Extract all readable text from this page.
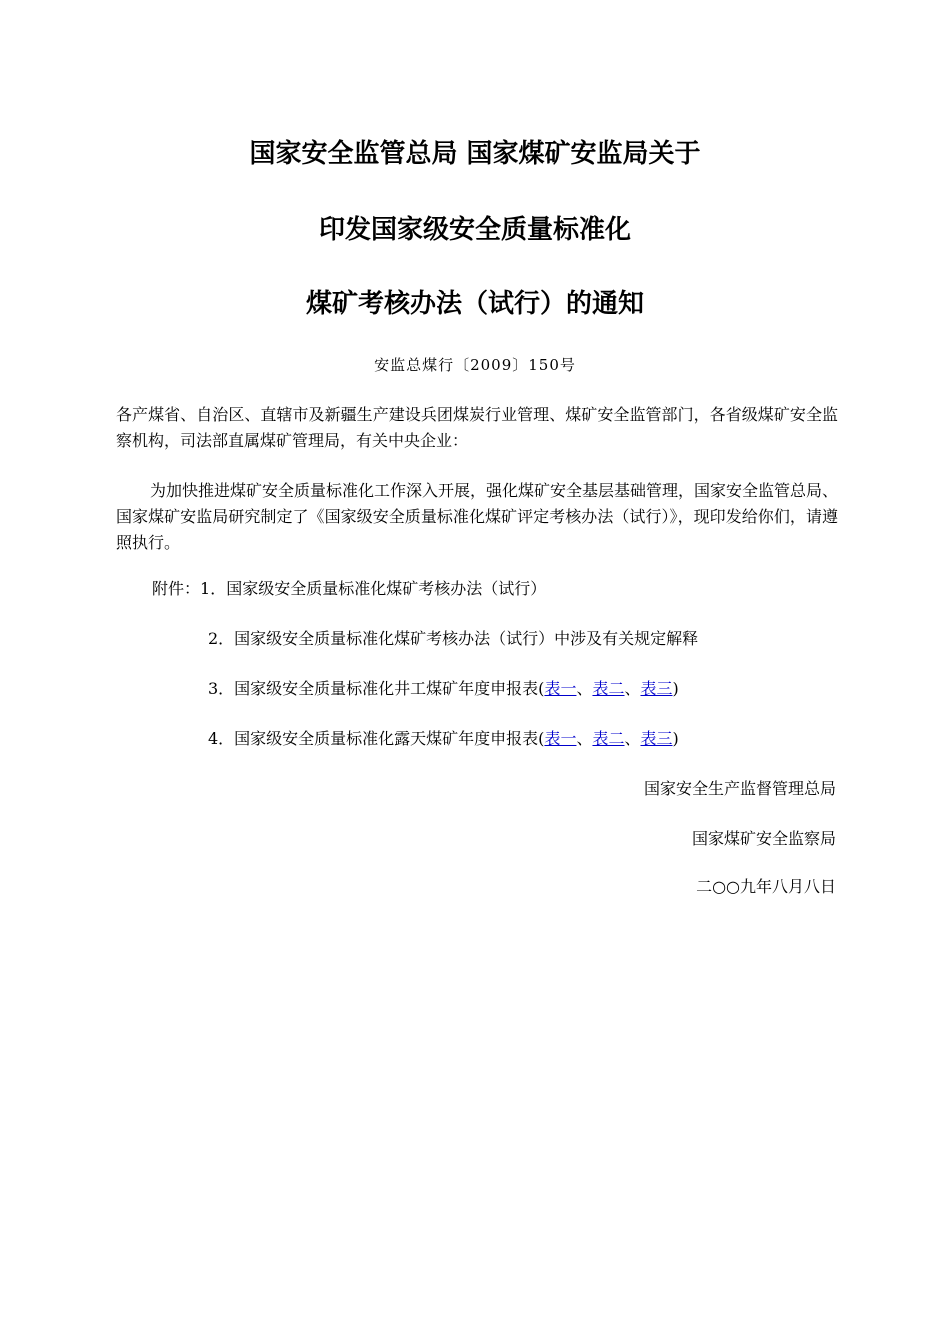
国家安全监管总局 国家煤矿安监局关于
印发国家级安全质量标准化
煤矿考核办法（试行）的通知
安监总煤行〔2009〕150号

各产煤省、自治区、直辖市及新疆生产建设兵团煤炭行业管理、煤矿安全监管部门，各省级煤矿安全监察机构，司法部直属煤矿管理局，有关中央企业：

为加快推进煤矿安全质量标准化工作深入开展，强化煤矿安全基层基础管理，国家安全监管总局、国家煤矿安监局研究制定了《国家级安全质量标准化煤矿评定考核办法（试行）》，现印发给你们，请遵照执行。

附件：1．国家级安全质量标准化煤矿考核办法（试行）
2．国家级安全质量标准化煤矿考核办法（试行）中涉及有关规定解释
3．国家级安全质量标准化井工煤矿年度申报表(表一、表二、表三)
4．国家级安全质量标准化露天煤矿年度申报表(表一、表二、表三)
国家安全生产监督管理总局
国家煤矿安全监察局
二○○九年八月八日
